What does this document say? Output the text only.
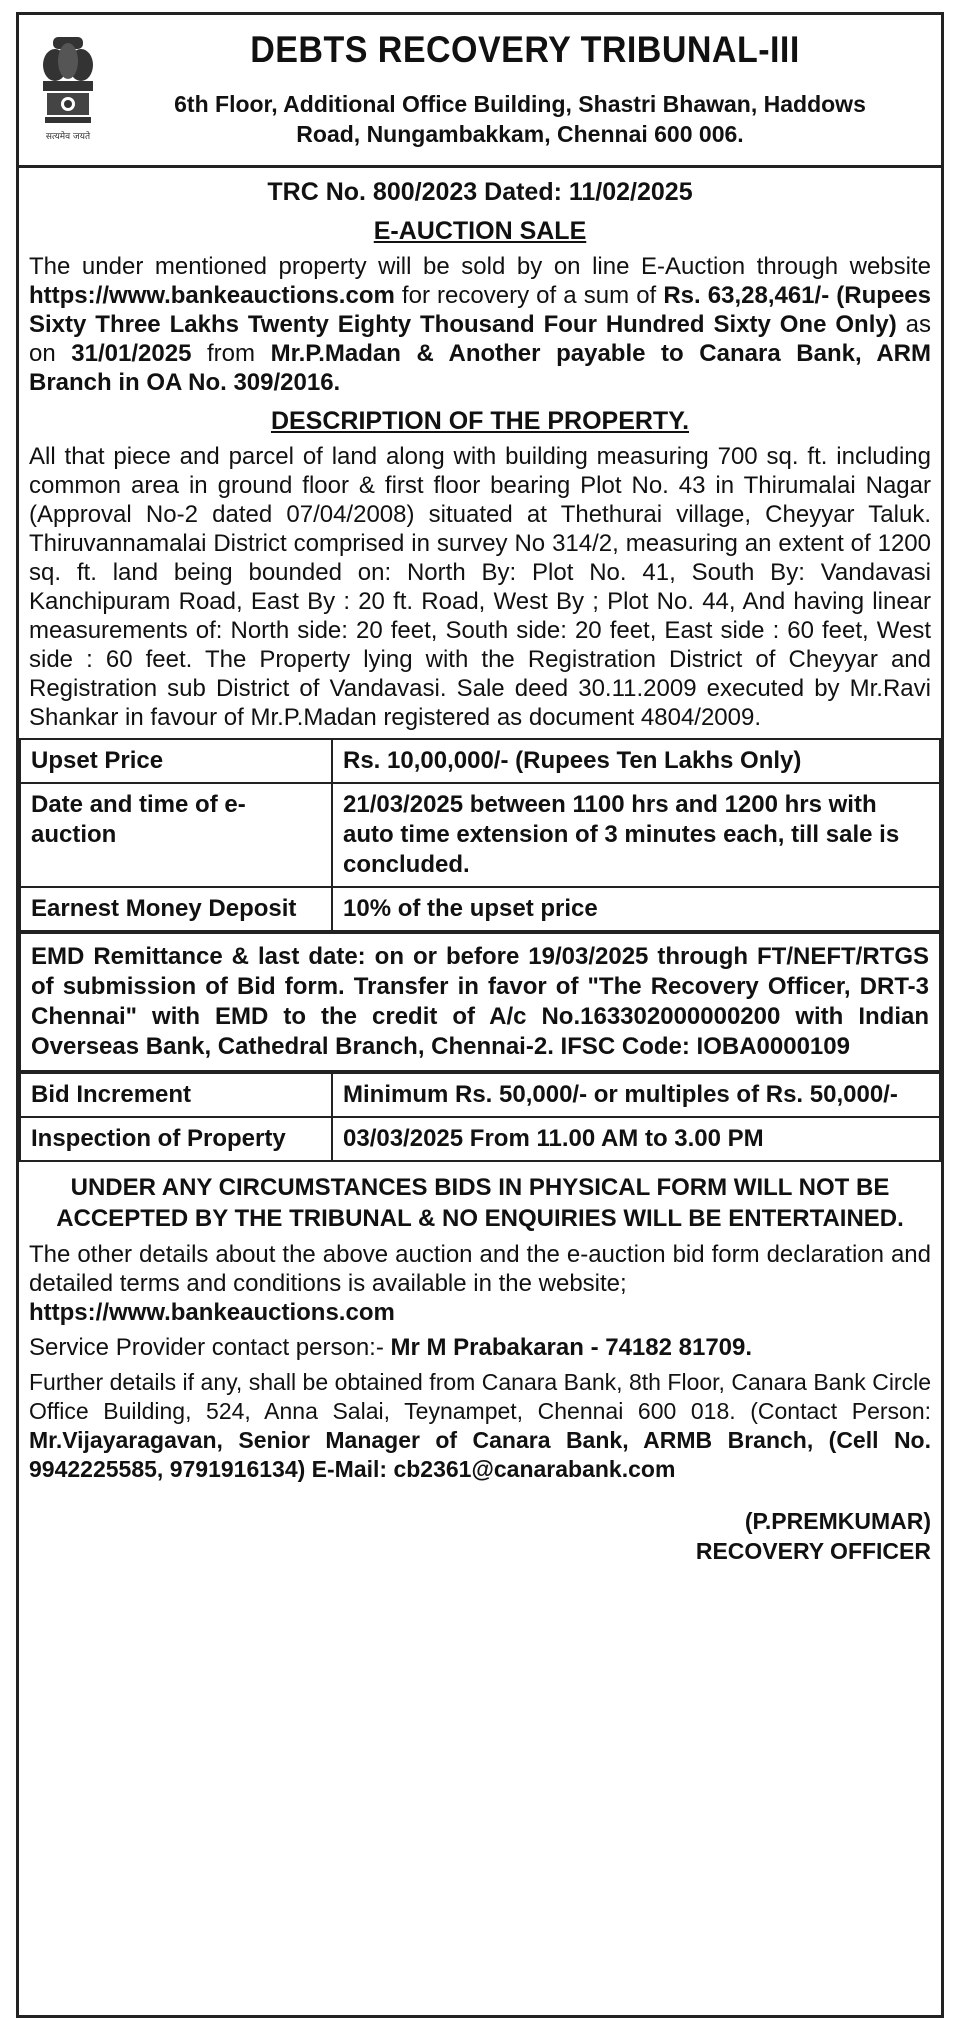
सत्यमेव जयते
DEBTS RECOVERY TRIBUNAL-III
6th Floor, Additional Office Building, Shastri Bhawan, Haddows
Road, Nungambakkam, Chennai 600 006.
TRC No. 800/2023 Dated: 11/02/2025
E-AUCTION SALE
The under mentioned property will be sold by on line E-Auction through website https://www.bankeauctions.com for recovery of a sum of Rs. 63,28,461/- (Rupees Sixty Three Lakhs Twenty Eighty Thousand Four Hundred Sixty One Only) as on 31/01/2025 from Mr.P.Madan & Another payable to Canara Bank, ARM Branch in OA No. 309/2016.
DESCRIPTION OF THE PROPERTY.
All that piece and parcel of land along with building measuring 700 sq. ft. including common area in ground floor & first floor bearing Plot No. 43 in Thirumalai Nagar (Approval No-2 dated 07/04/2008) situated at Thethurai village, Cheyyar Taluk. Thiruvannamalai District comprised in survey No 314/2, measuring an extent of 1200 sq. ft. land being bounded on: North By: Plot No. 41, South By: Vandavasi Kanchipuram Road, East By : 20 ft. Road, West By ; Plot No. 44, And having linear measurements of: North side: 20 feet, South side: 20 feet, East side : 60 feet, West side : 60 feet. The Property lying with the Registration District of Cheyyar and Registration sub District of Vandavasi. Sale deed 30.11.2009 executed by Mr.Ravi Shankar in favour of Mr.P.Madan registered as document 4804/2009.
Upset Price	Rs. 10,00,000/- (Rupees Ten Lakhs Only)
Date and time of e-auction	21/03/2025 between 1100 hrs and 1200 hrs with auto time extension of 3 minutes each, till sale is concluded.
Earnest Money Deposit	10% of the upset price
EMD Remittance & last date: on or before 19/03/2025 through FT/NEFT/RTGS of submission of Bid form. Transfer in favor of "The Recovery Officer, DRT-3 Chennai" with EMD to the credit of A/c No.163302000000200 with Indian Overseas Bank, Cathedral Branch, Chennai-2. IFSC Code: IOBA0000109
Bid Increment	Minimum Rs. 50,000/- or multiples of Rs. 50,000/-
Inspection of Property	03/03/2025 From 11.00 AM to 3.00 PM
UNDER ANY CIRCUMSTANCES BIDS IN PHYSICAL FORM WILL NOT BE ACCEPTED BY THE TRIBUNAL & NO ENQUIRIES WILL BE ENTERTAINED.
The other details about the above auction and the e-auction bid form declaration and detailed terms and conditions is available in the website;
https://www.bankeauctions.com
Service Provider contact person:- Mr M Prabakaran - 74182 81709.
Further details if any, shall be obtained from Canara Bank, 8th Floor, Canara Bank Circle Office Building, 524, Anna Salai, Teynampet, Chennai 600 018. (Contact Person: Mr.Vijayaragavan, Senior Manager of Canara Bank, ARMB Branch, (Cell No. 9942225585, 9791916134) E-Mail: cb2361@canarabank.com
(P.PREMKUMAR)
RECOVERY OFFICER
